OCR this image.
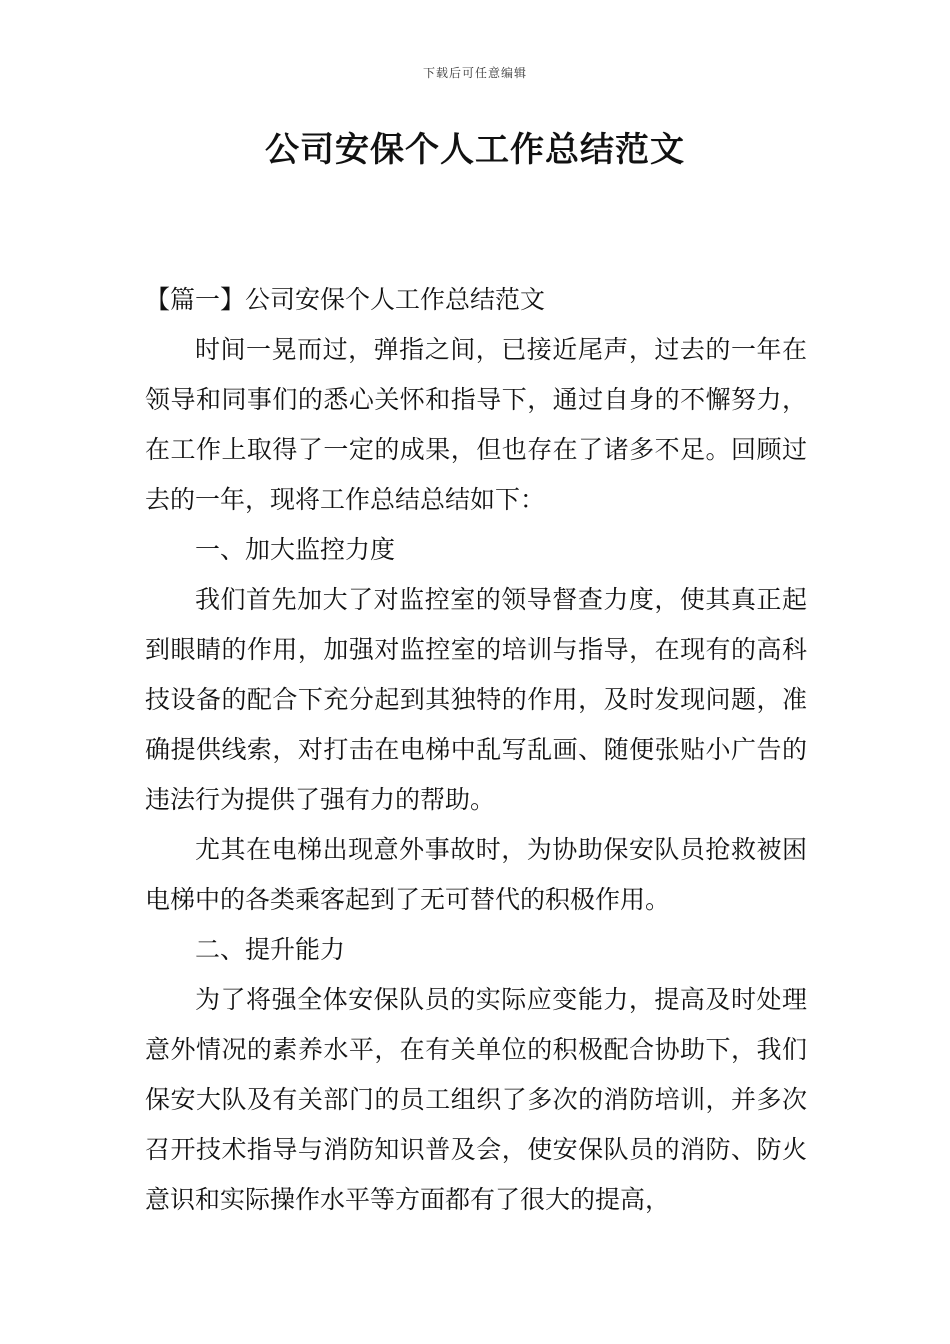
下载后可任意编辑
公司安保个人工作总结范文

【篇一】公司安保个人工作总结范文

时间一晃而过，弹指之间，已接近尾声，过去的一年在领导和同事们的悉心关怀和指导下，通过自身的不懈努力，在工作上取得了一定的成果，但也存在了诸多不足。回顾过去的一年，现将工作总结总结如下：

一、加大监控力度

我们首先加大了对监控室的领导督查力度，使其真正起到眼睛的作用，加强对监控室的培训与指导，在现有的高科技设备的配合下充分起到其独特的作用，及时发现问题，准确提供线索，对打击在电梯中乱写乱画、随便张贴小广告的违法行为提供了强有力的帮助。

尤其在电梯出现意外事故时，为协助保安队员抢救被困电梯中的各类乘客起到了无可替代的积极作用。

二、提升能力

为了将强全体安保队员的实际应变能力，提高及时处理意外情况的素养水平，在有关单位的积极配合协助下，我们保安大队及有关部门的员工组织了多次的消防培训，并多次召开技术指导与消防知识普及会，使安保队员的消防、防火意识和实际操作水平等方面都有了很大的提高，
